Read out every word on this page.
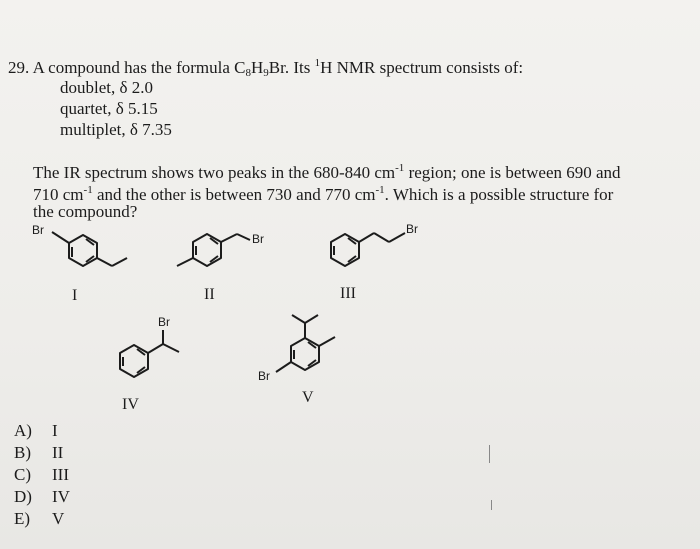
29. A compound has the formula $C_8H_9Br$. Its $^1$H NMR spectrum consists of:
doublet, δ 2.0
quartet, δ 5.15
multiplet, δ 7.35
The IR spectrum shows two peaks in the 680-840 $cm^{-1}$ region; one is between 690 and
710 $cm^{-1}$ and the other is between 730 and 770 $cm^{-1}$. Which is a possible structure for
the compound?
Br
Br
Br
Br
Br
I	II	III
IV	V
A) I
B) II
C) III
D) IV
E) V
